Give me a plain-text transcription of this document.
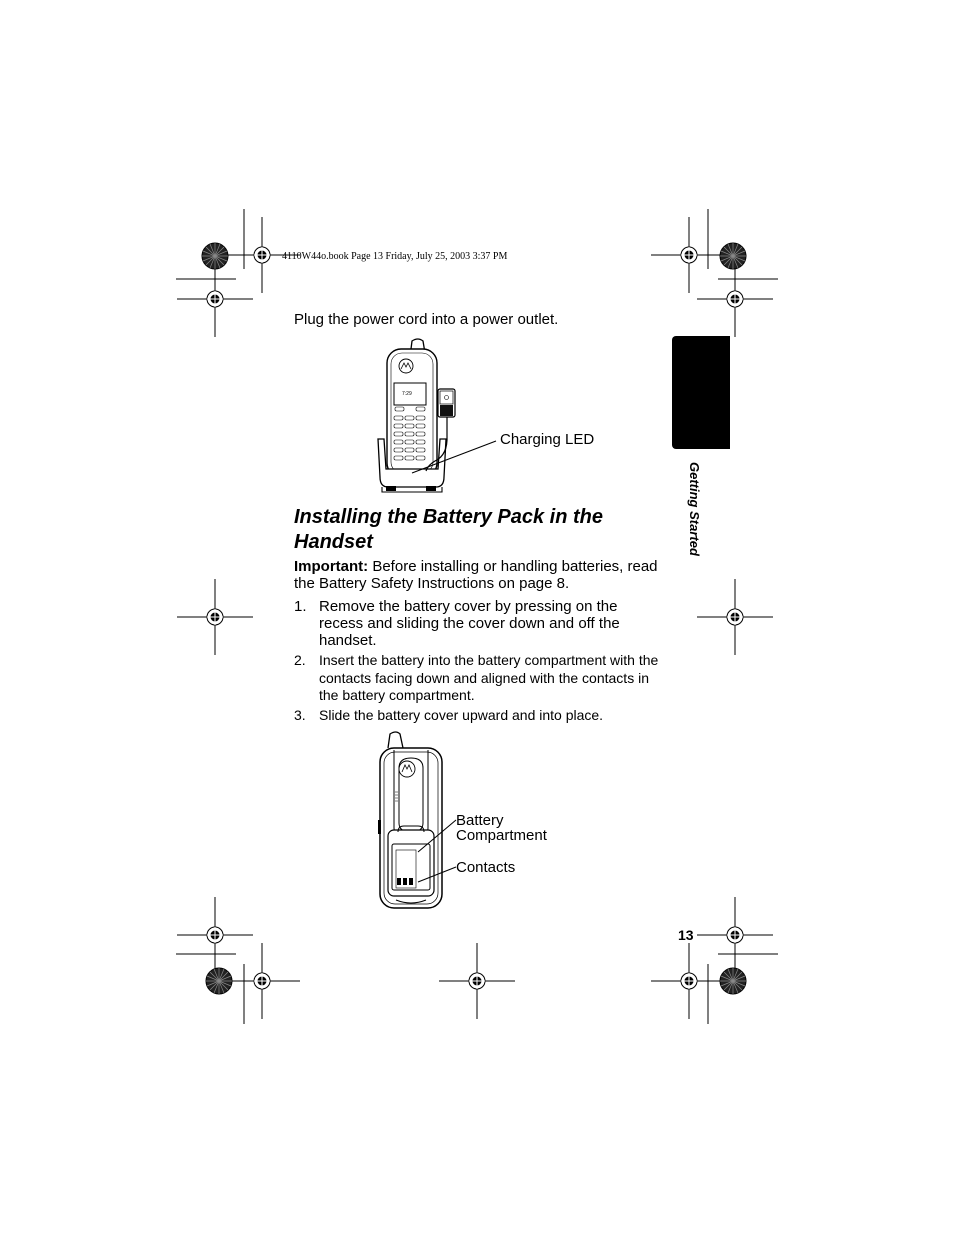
4110W44o.book Page 13 Friday, July 25, 2003 3:37 PM
Plug the power cord into a power outlet.
7:29
Charging LED
Installing the Battery Pack in the Handset
Important: Before installing or handling batteries, read the Battery Safety Instructions on page 8.
1. Remove the battery cover by pressing on the recess and sliding the cover down and off the handset.
2. Insert the battery into the battery compartment with the contacts facing down and aligned with the contacts in the battery compartment.
3. Slide the battery cover upward and into place.
Battery
Compartment
Contacts
Getting Started
13
